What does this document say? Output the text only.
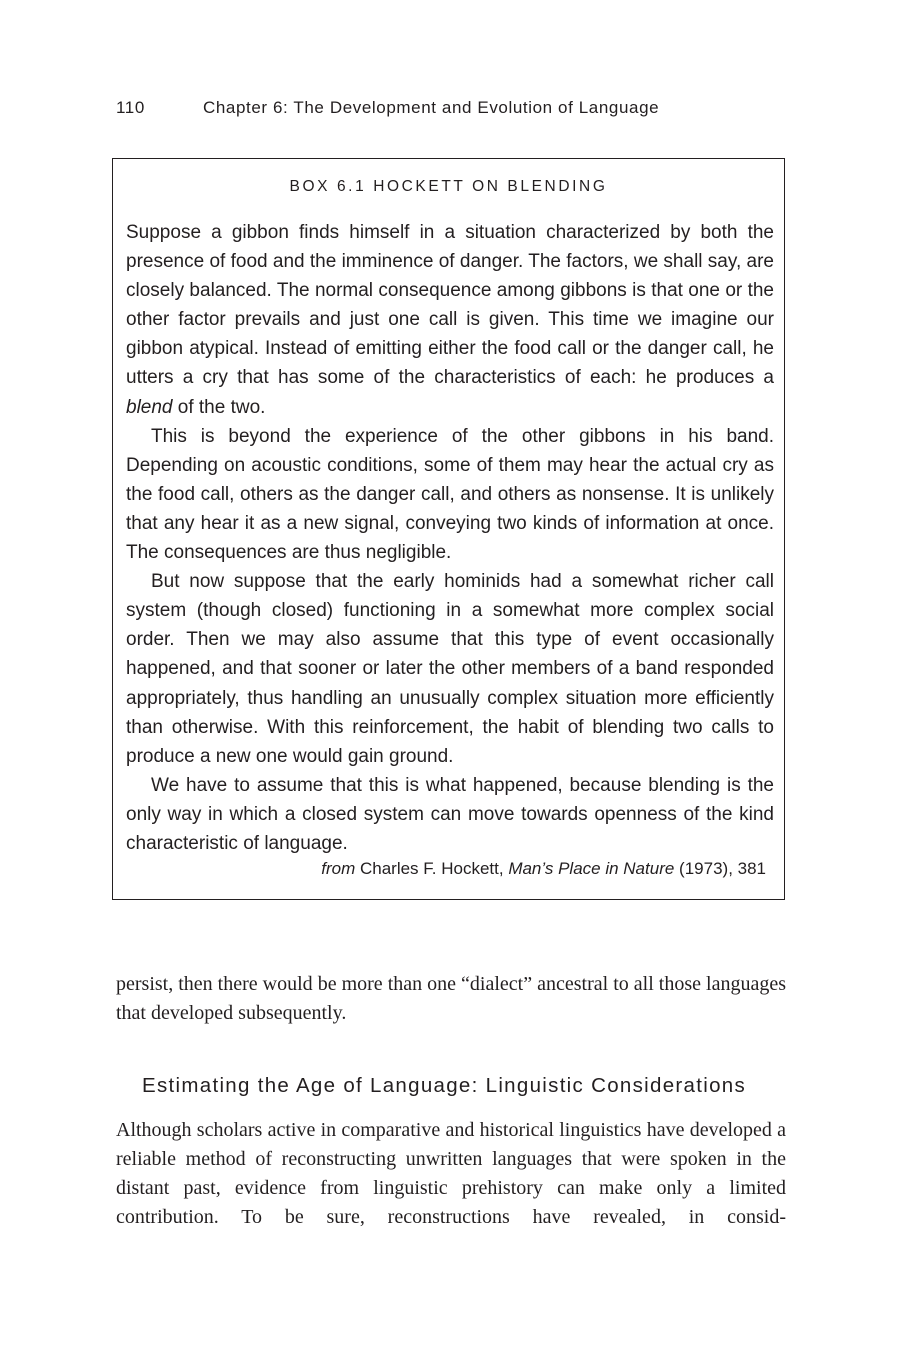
110	Chapter 6: The Development and Evolution of Language
BOX 6.1 HOCKETT ON BLENDING

Suppose a gibbon finds himself in a situation characterized by both the presence of food and the imminence of danger. The factors, we shall say, are closely balanced. The normal consequence among gibbons is that one or the other factor prevails and just one call is given. This time we imagine our gibbon atypical. Instead of emitting either the food call or the danger call, he utters a cry that has some of the characteristics of each: he produces a blend of the two.

This is beyond the experience of the other gibbons in his band. Depending on acoustic conditions, some of them may hear the actual cry as the food call, others as the danger call, and others as nonsense. It is unlikely that any hear it as a new signal, conveying two kinds of information at once. The consequences are thus negligible.

But now suppose that the early hominids had a somewhat richer call system (though closed) functioning in a somewhat more complex social order. Then we may also assume that this type of event occasionally happened, and that sooner or later the other members of a band responded appropriately, thus handling an unusually complex situation more efficiently than otherwise. With this reinforcement, the habit of blending two calls to produce a new one would gain ground.

We have to assume that this is what happened, because blending is the only way in which a closed system can move towards openness of the kind characteristic of language.

from Charles F. Hockett, Man’s Place in Nature (1973), 381

persist, then there would be more than one “dialect” ancestral to all those languages that developed subsequently.

Estimating the Age of Language: Linguistic Considerations

Although scholars active in comparative and historical linguistics have developed a reliable method of reconstructing unwritten languages that were spoken in the distant past, evidence from linguistic prehistory can make only a limited contribution. To be sure, reconstructions have revealed, in consid-
